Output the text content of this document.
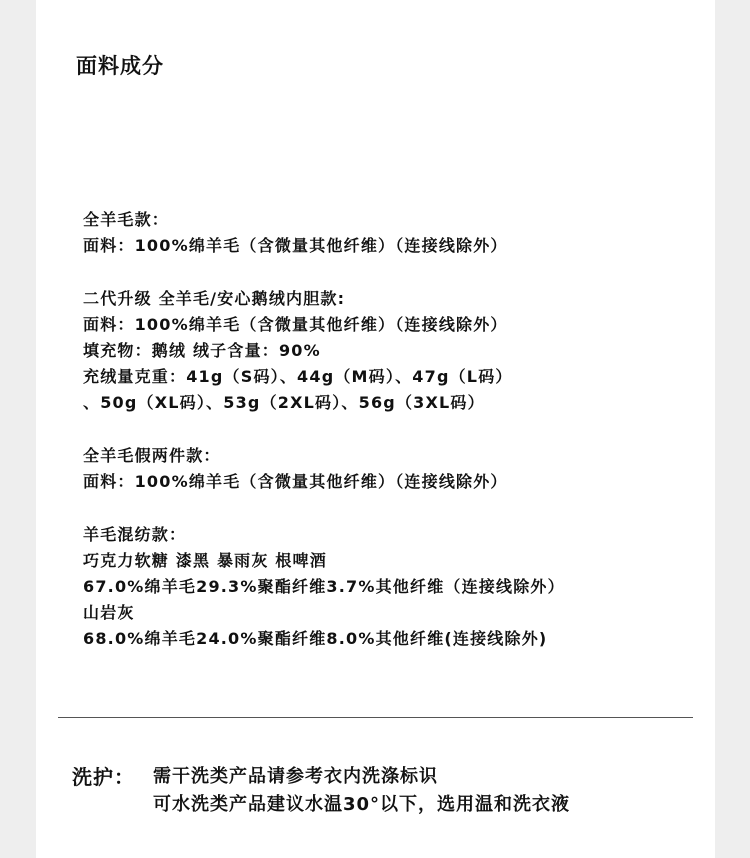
面料成分
全羊毛款：
面料：100%绵羊毛（含微量其他纤维）（连接线除外）
二代升级 全羊毛/安心鹅绒内胆款:
面料：100%绵羊毛（含微量其他纤维）（连接线除外）
填充物：鹅绒 绒子含量：90%
充绒量克重：41g（S码）、44g（M码）、47g（L码）
、50g（XL码）、53g（2XL码）、56g（3XL码）
全羊毛假两件款：
面料：100%绵羊毛（含微量其他纤维）（连接线除外）
羊毛混纺款：
巧克力软糖 漆黑 暴雨灰 根啤酒
67.0%绵羊毛29.3%聚酯纤维3.7%其他纤维（连接线除外）
山岩灰
68.0%绵羊毛24.0%聚酯纤维8.0%其他纤维(连接线除外)
洗护： 需干洗类产品请参考衣内洗涤标识
可水洗类产品建议水温30°以下，选用温和洗衣液
